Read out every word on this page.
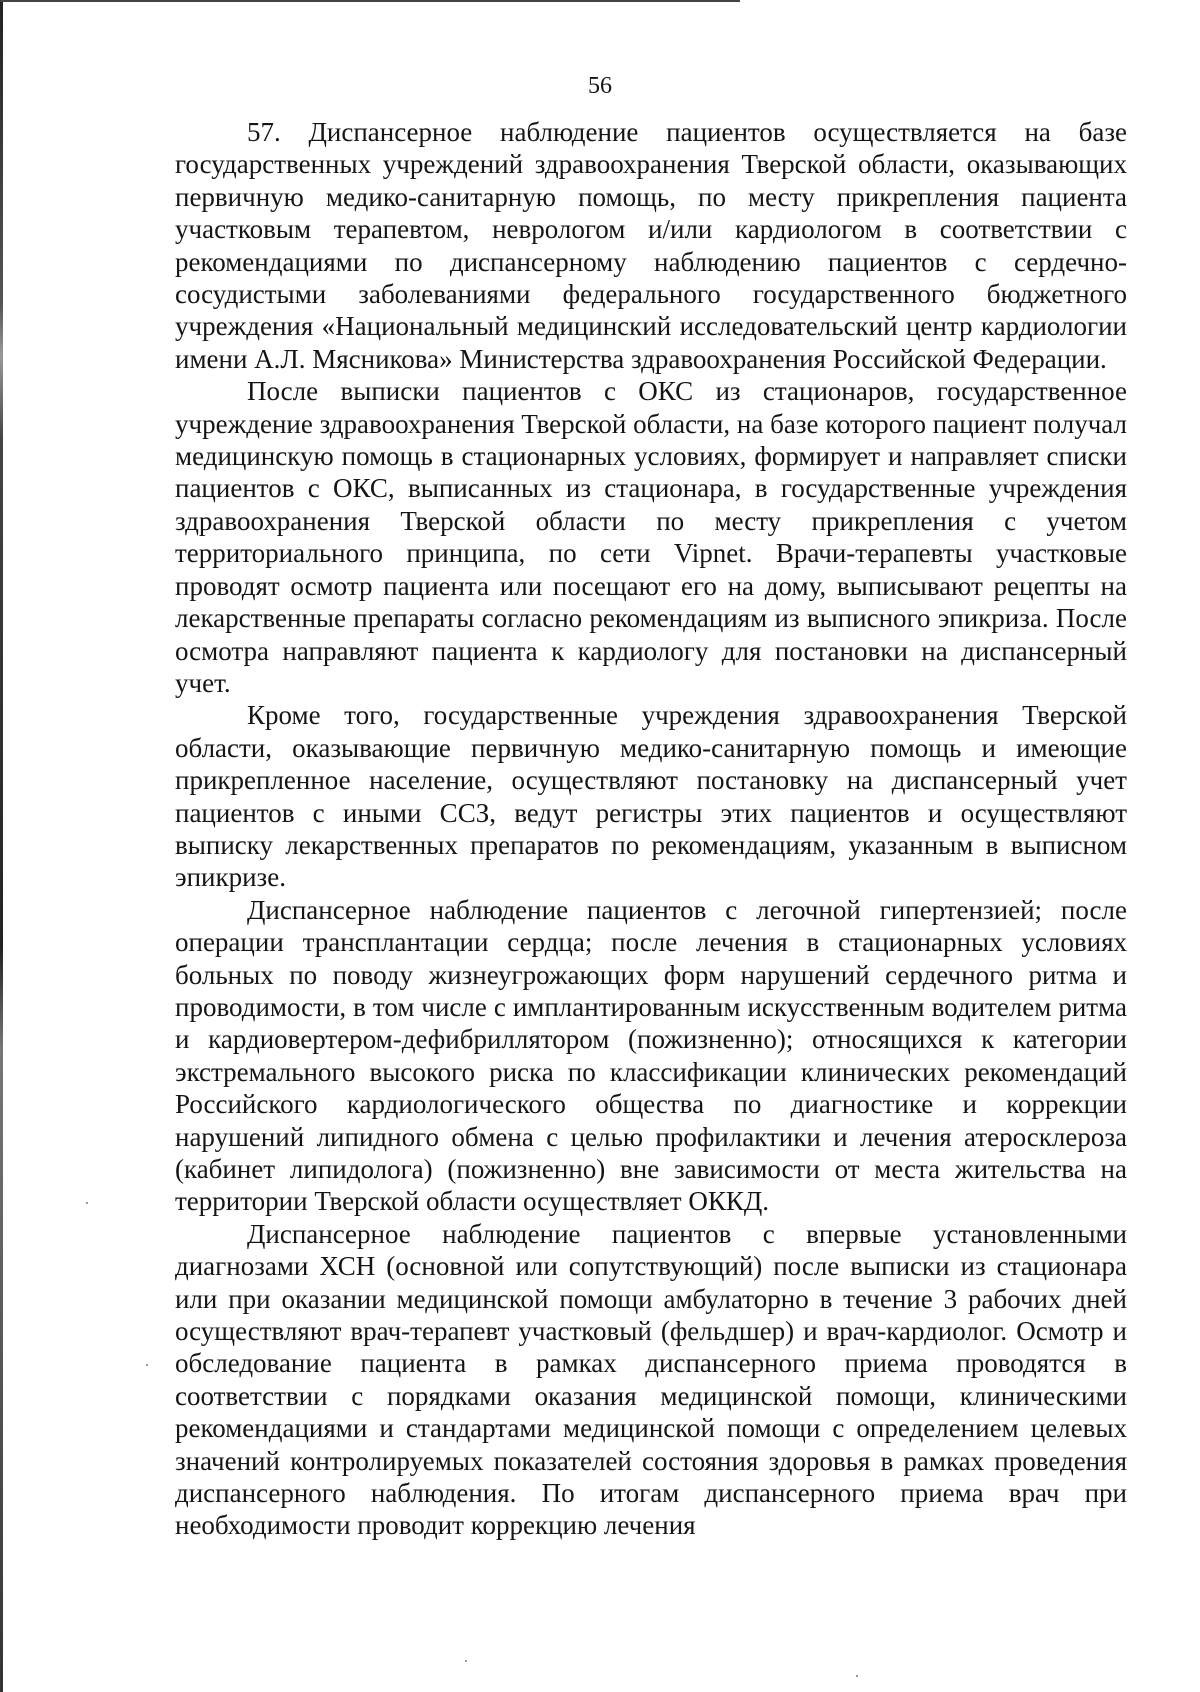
56

57. Диспансерное наблюдение пациентов осуществляется на базе государственных учреждений здравоохранения Тверской области, оказывающих первичную медико-санитарную помощь, по месту прикрепления пациента участковым терапевтом, неврологом и/или кардиологом в соответствии с рекомендациями по диспансерному наблюдению пациентов с сердечно-сосудистыми заболеваниями федерального государственного бюджетного учреждения «Национальный медицинский исследовательский центр кардиологии имени А.Л. Мясникова» Министерства здравоохранения Российской Федерации.

После выписки пациентов с ОКС из стационаров, государственное учреждение здравоохранения Тверской области, на базе которого пациент получал медицинскую помощь в стационарных условиях, формирует и направляет списки пациентов с ОКС, выписанных из стационара, в государственные учреждения здравоохранения Тверской области по месту прикрепления с учетом территориального принципа, по сети Vipnet. Врачи-терапевты участковые проводят осмотр пациента или посещают его на дому, выписывают рецепты на лекарственные препараты согласно рекомендациям из выписного эпикриза. После осмотра направляют пациента к кардиологу для постановки на диспансерный учет.

Кроме того, государственные учреждения здравоохранения Тверской области, оказывающие первичную медико-санитарную помощь и имеющие прикрепленное население, осуществляют постановку на диспансерный учет пациентов с иными ССЗ, ведут регистры этих пациентов и осуществляют выписку лекарственных препаратов по рекомендациям, указанным в выписном эпикризе.

Диспансерное наблюдение пациентов с легочной гипертензией; после операции трансплантации сердца; после лечения в стационарных условиях больных по поводу жизнеугрожающих форм нарушений сердечного ритма и проводимости, в том числе с имплантированным искусственным водителем ритма и кардиовертером-дефибриллятором (пожизненно); относящихся к категории экстремального высокого риска по классификации клинических рекомендаций Российского кардиологического общества по диагностике и коррекции нарушений липидного обмена с целью профилактики и лечения атеросклероза (кабинет липидолога) (пожизненно) вне зависимости от места жительства на территории Тверской области осуществляет ОККД.

Диспансерное наблюдение пациентов с впервые установленными диагнозами ХСН (основной или сопутствующий) после выписки из стационара или при оказании медицинской помощи амбулаторно в течение 3 рабочих дней осуществляют врач-терапевт участковый (фельдшер) и врач-кардиолог. Осмотр и обследование пациента в рамках диспансерного приема проводятся в соответствии с порядками оказания медицинской помощи, клиническими рекомендациями и стандартами медицинской помощи с определением целевых значений контролируемых показателей состояния здоровья в рамках проведения диспансерного наблюдения. По итогам диспансерного приема врач при необходимости проводит коррекцию лечения
